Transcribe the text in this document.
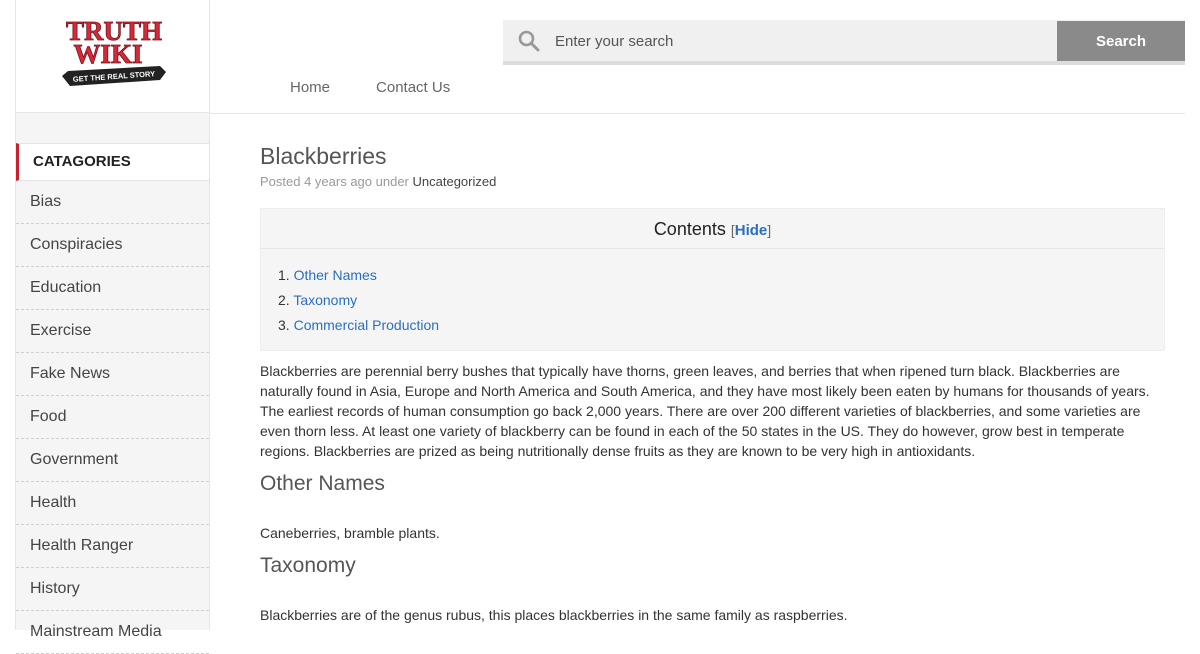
TRUTH
WIKI
GET THE REAL STORY
CATAGORIES
Bias
Conspiracies
Education
Exercise
Fake News
Food
Government
Health
Health Ranger
History
Mainstream Media
Enter your search
Search
Home	Contact Us
Blackberries
Posted 4 years ago under Uncategorized
Contents [Hide]
1. Other Names
2. Taxonomy
3. Commercial Production

Blackberries are perennial berry bushes that typically have thorns, green leaves, and berries that when ripened turn black. Blackberries are naturally found in Asia, Europe and North America and South America, and they have most likely been eaten by humans for thousands of years. The earliest records of human consumption go back 2,000 years. There are over 200 different varieties of blackberries, and some varieties are even thorn less. At least one variety of blackberry can be found in each of the 50 states in the US. They do however, grow best in temperate regions. Blackberries are prized as being nutritionally dense fruits as they are known to be very high in antioxidants.

Other Names

Caneberries, bramble plants.

Taxonomy

Blackberries are of the genus rubus, this places blackberries in the same family as raspberries.
